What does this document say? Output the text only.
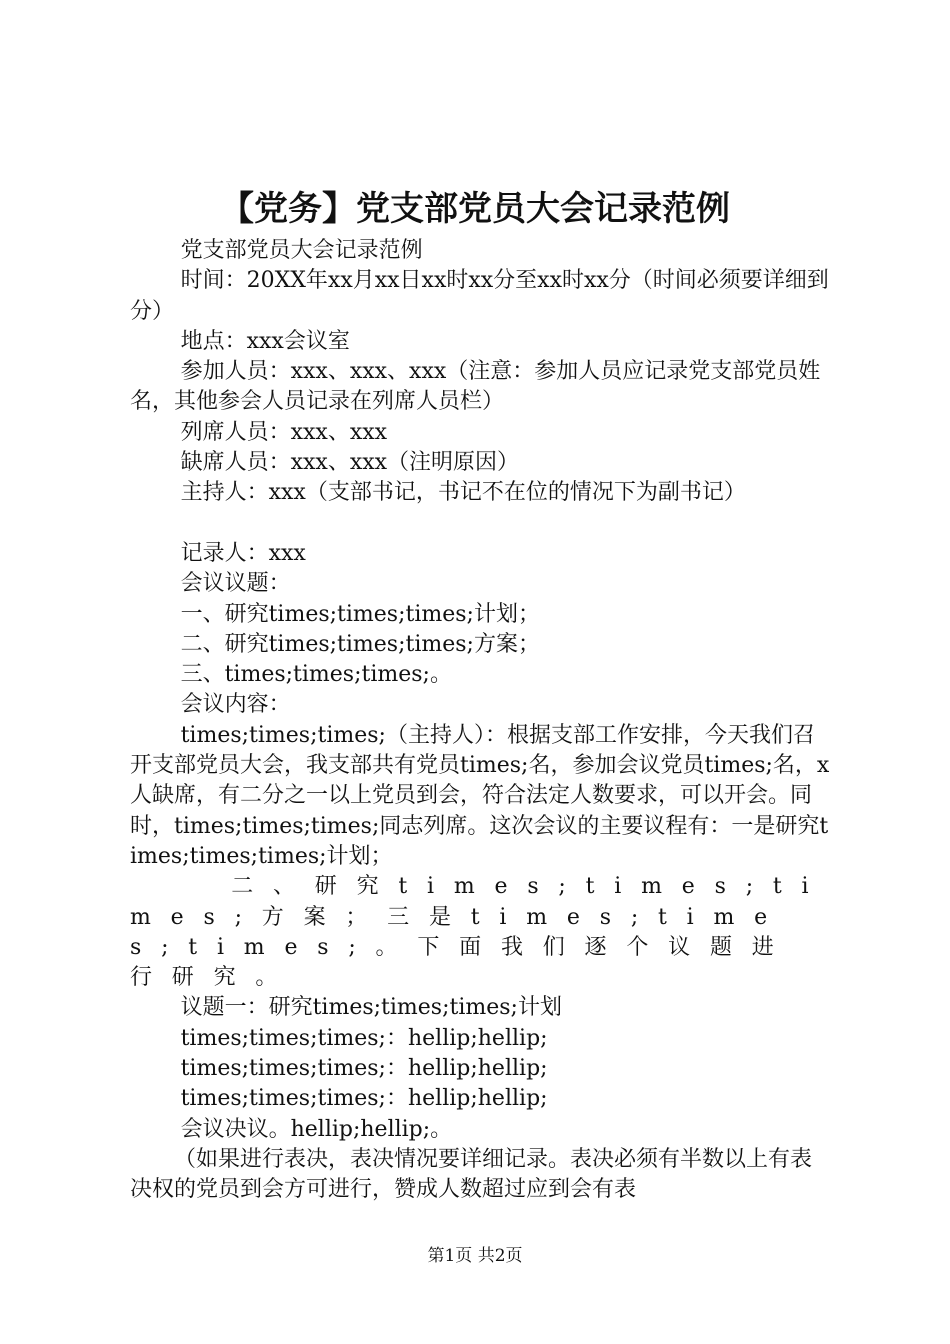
【党务】党支部党员大会记录范例

党支部党员大会记录范例

时间：20XX年xx月xx日xx时xx分至xx时xx分（时间必须要详细到分）

地点：xxx会议室

参加人员：xxx、xxx、xxx（注意：参加人员应记录党支部党员姓名，其他参会人员记录在列席人员栏）

列席人员：xxx、xxx

缺席人员：xxx、xxx（注明原因）

主持人：xxx（支部书记，书记不在位的情况下为副书记）

记录人：xxx

会议议题：

一、研究times;times;times;计划；

二、研究times;times;times;方案；

三、times;times;times;。

会议内容：

times;times;times;（主持人）：根据支部工作安排，今天我们召开支部党员大会，我支部共有党员times;名，参加会议党员times;名，x人缺席，有二分之一以上党员到会，符合法定人数要求，可以开会。同时，times;times;times;同志列席。这次会议的主要议程有：一是研究times;times;times;计划；

二、研究times;times;times;方案；三是times;times;times;。下面我们逐个议题进行研究。

议题一：研究times;times;times;计划

times;times;times;：hellip;hellip;

times;times;times;：hellip;hellip;

times;times;times;：hellip;hellip;

会议决议。hellip;hellip;。

（如果进行表决，表决情况要详细记录。表决必须有半数以上有表决权的党员到会方可进行，赞成人数超过应到会有表

第1页 共2页
